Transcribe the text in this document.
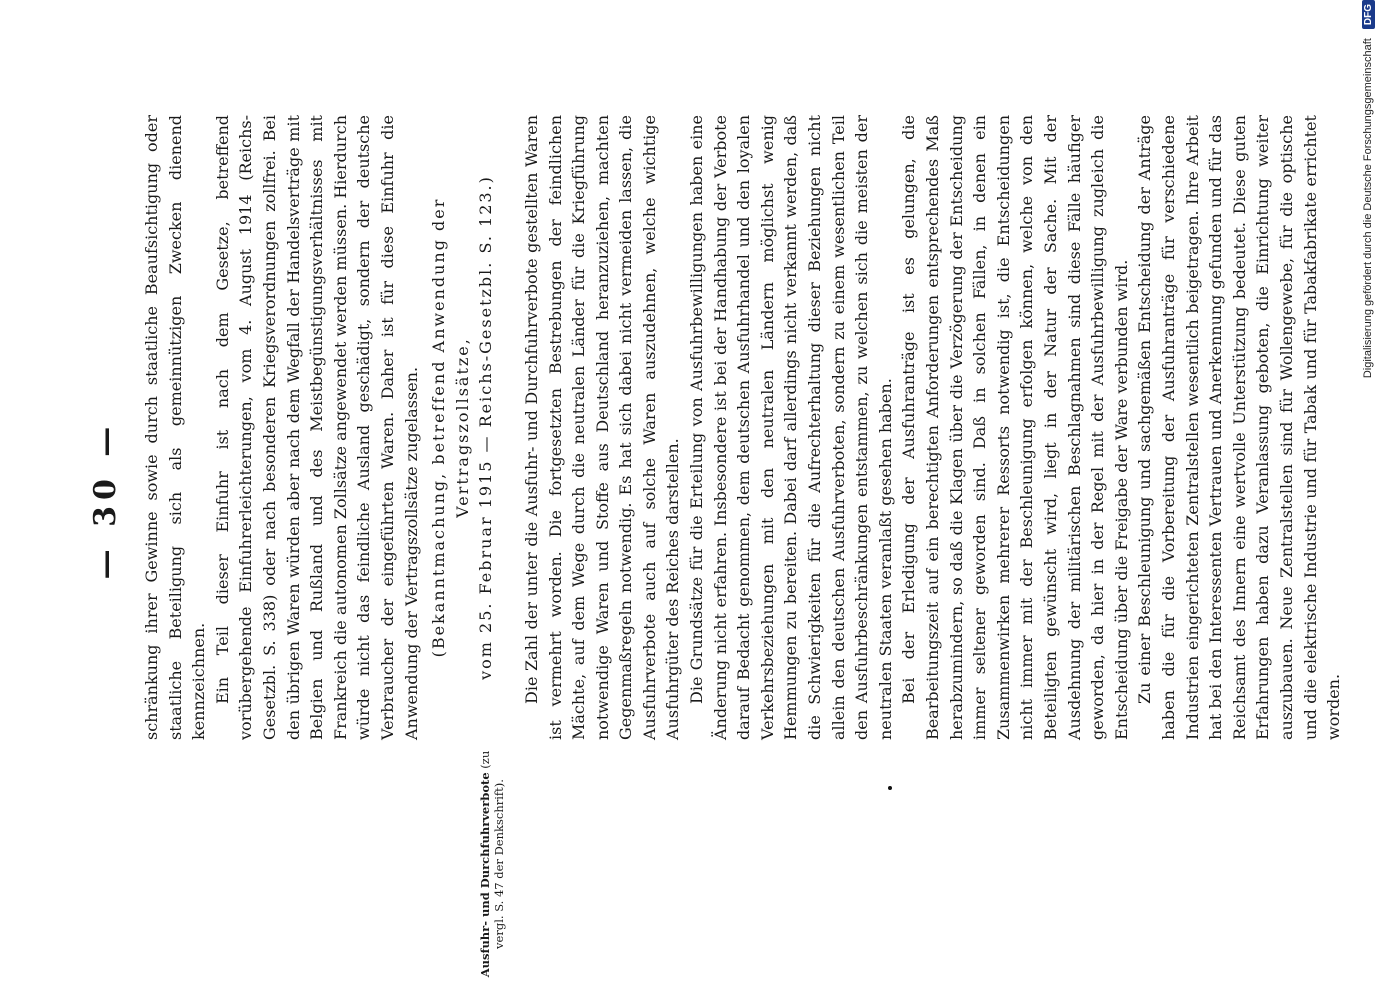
— 30 —
Ausfuhr- und Durchfuhrverbote (zu vergl. S. 47 der Denkschrift).

schränkung ihrer Gewinne sowie durch staatliche Beaufsichtigung oder staatliche Beteiligung sich als gemeinnützigen Zwecken dienend kennzeichnen. Ein Teil dieser Einfuhr ist nach dem Gesetze, betreffend vorübergehende Einfuhrerleichterungen, vom 4. August 1914 (Reichs-Gesetzbl. S. 338) oder nach besonderen Kriegsverordnungen zollfrei. Bei den übrigen Waren würden aber nach dem Wegfall der Handelsverträge mit Belgien und Rußland und des Meistbegünstigungsverhältnisses mit Frankreich die autonomen Zollsätze angewendet werden müssen. Hierdurch würde nicht das feindliche Ausland geschädigt, sondern der deutsche Verbraucher der eingeführten Waren. Daher ist für diese Einfuhr die Anwendung der Vertragszollsätze zugelassen. (Bekanntmachung, betreffend Anwendung der Vertragszollsätze, vom 25. Februar 1915 — Reichs-Gesetzbl. S. 123.) Die Zahl der unter die Ausfuhr- und Durchfuhrverbote gestellten Waren ist vermehrt worden. Die fortgesetzten Bestrebungen der feindlichen Mächte, auf dem Wege durch die neutralen Länder für die Kriegführung notwendige Waren und Stoffe aus Deutschland heranzuziehen, machten Gegenmaßregeln notwendig. Es hat sich dabei nicht vermeiden lassen, die Ausfuhrverbote auch auf solche Waren auszudehnen, welche wichtige Ausfuhrgüter des Reiches darstellen. Die Grundsätze für die Erteilung von Ausfuhrbewilligungen haben eine Änderung nicht erfahren. Insbesondere ist bei der Handhabung der Verbote darauf Bedacht genommen, dem deutschen Ausfuhrhandel und den loyalen Verkehrsbeziehungen mit den neutralen Ländern möglichst wenig Hemmungen zu bereiten. Dabei darf allerdings nicht verkannt werden, daß die Schwierigkeiten für die Aufrechterhaltung dieser Beziehungen nicht allein den deutschen Ausfuhrverboten, sondern zu einem wesentlichen Teil den Ausfuhrbeschränkungen entstammen, zu welchen sich die meisten der neutralen Staaten veranlaßt gesehen haben. Bei der Erledigung der Ausfuhranträge ist es gelungen, die Bearbeitungszeit auf ein berechtigten Anforderungen entsprechendes Maß herabzumindern, so daß die Klagen über die Verzögerung der Entscheidung immer seltener geworden sind. Daß in solchen Fällen, in denen ein Zusammenwirken mehrerer Ressorts notwendig ist, die Entscheidungen nicht immer mit der Beschleunigung erfolgen können, welche von den Beteiligten gewünscht wird, liegt in der Natur der Sache. Mit der Ausdehnung der militärischen Beschlagnahmen sind diese Fälle häufiger geworden, da hier in der Regel mit der Ausfuhrbewilligung zugleich die Entscheidung über die Freigabe der Ware verbunden wird. Zu einer Beschleunigung und sachgemäßen Entscheidung der Anträge haben die für die Vorbereitung der Ausfuhranträge für verschiedene Industrien eingerichteten Zentralstellen wesentlich beigetragen. Ihre Arbeit hat bei den Interessenten Vertrauen und Anerkennung gefunden und für das Reichsamt des Innern eine wertvolle Unterstützung bedeutet. Diese guten Erfahrungen haben dazu Veranlassung geboten, die Einrichtung weiter auszubauen. Neue Zentralstellen sind für Wollengewebe, für die optische und die elektrische Industrie und für Tabak und für Tabakfabrikate errichtet worden.

Digitalisierung gefördert durch die Deutsche Forschungsgemeinschaft DFG
